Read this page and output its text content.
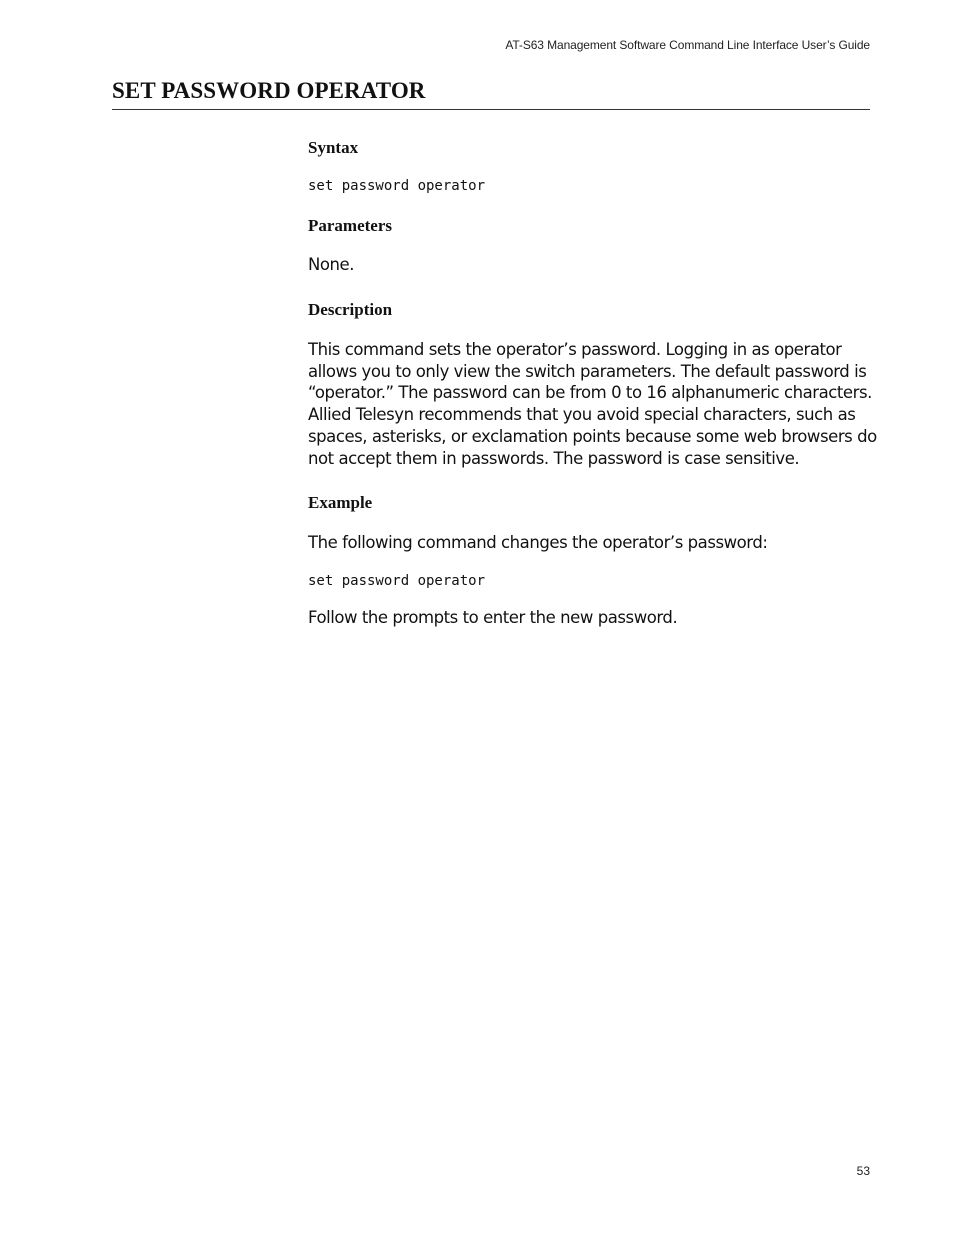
AT-S63 Management Software Command Line Interface User’s Guide
SET PASSWORD OPERATOR
Syntax
set password operator
Parameters

None.

Description
This command sets the operator’s password. Logging in as operator
allows you to only view the switch parameters. The default password is
“operator.” The password can be from 0 to 16 alphanumeric characters.
Allied Telesyn recommends that you avoid special characters, such as
spaces, asterisks, or exclamation points because some web browsers do
not accept them in passwords. The password is case sensitive.
Example

The following command changes the operator’s password:

set password operator

Follow the prompts to enter the new password.

53
